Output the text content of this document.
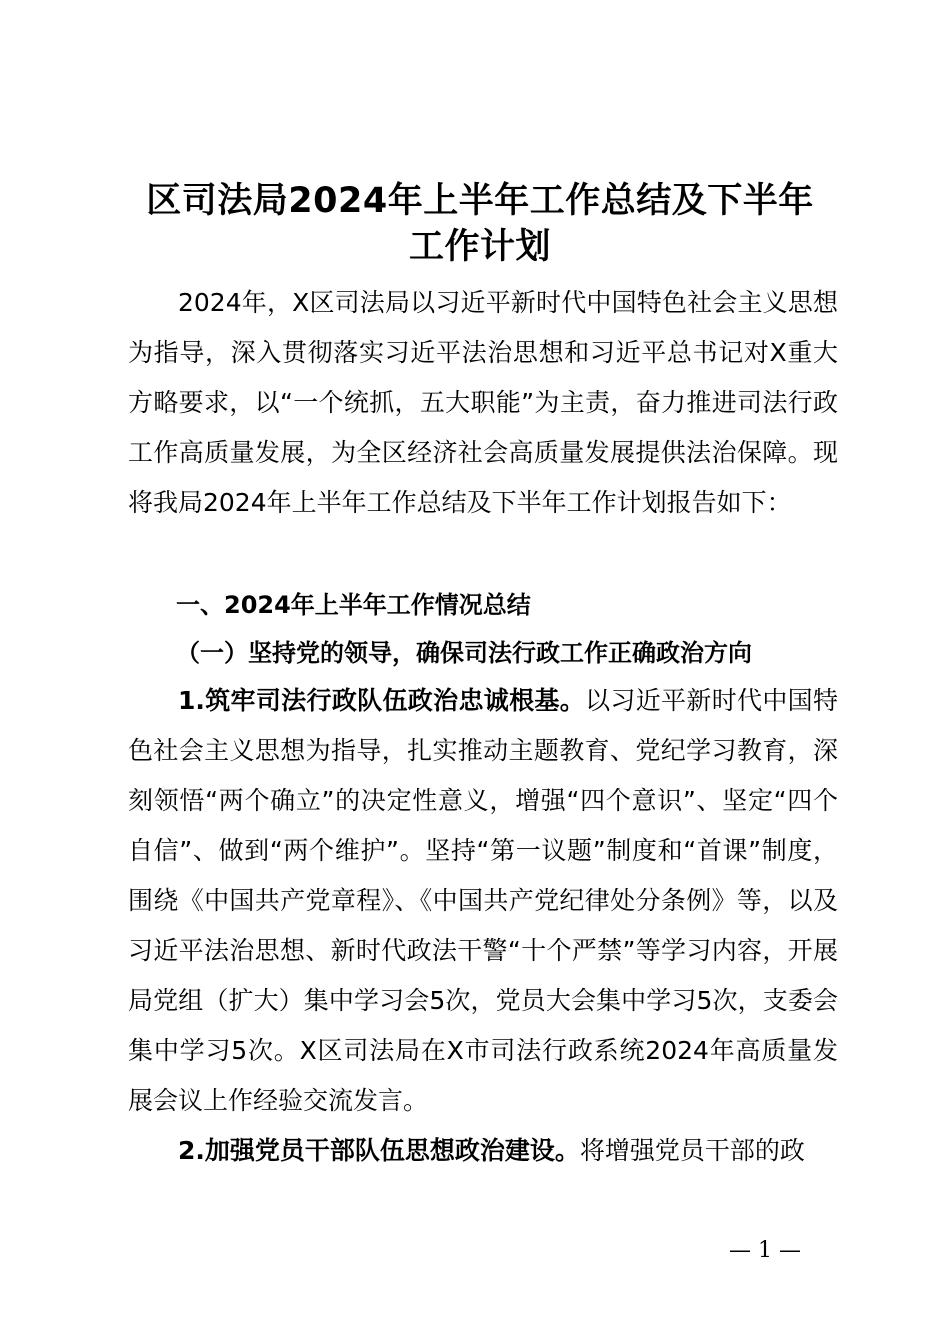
区司法局2024年上半年工作总结及下半年
工作计划
2024年，X区司法局以习近平新时代中国特色社会主义思想为指导，深入贯彻落实习近平法治思想和习近平总书记对X重大方略要求，以“一个统抓，五大职能”为主责，奋力推进司法行政工作高质量发展，为全区经济社会高质量发展提供法治保障。现将我局2024年上半年工作总结及下半年工作计划报告如下：
一、2024年上半年工作情况总结
（一）坚持党的领导，确保司法行政工作正确政治方向
1.筑牢司法行政队伍政治忠诚根基。以习近平新时代中国特色社会主义思想为指导，扎实推动主题教育、党纪学习教育，深刻领悟“两个确立”的决定性意义，增强“四个意识”、坚定“四个自信”、做到“两个维护”。坚持“第一议题”制度和“首课”制度，围绕《中国共产党章程》、《中国共产党纪律处分条例》等，以及习近平法治思想、新时代政法干警“十个严禁”等学习内容，开展局党组（扩大）集中学习会5次，党员大会集中学习5次，支委会集中学习5次。X区司法局在X市司法行政系统2024年高质量发展会议上作经验交流发言。
2.加强党员干部队伍思想政治建设。将增强党员干部的政
— 1 —
